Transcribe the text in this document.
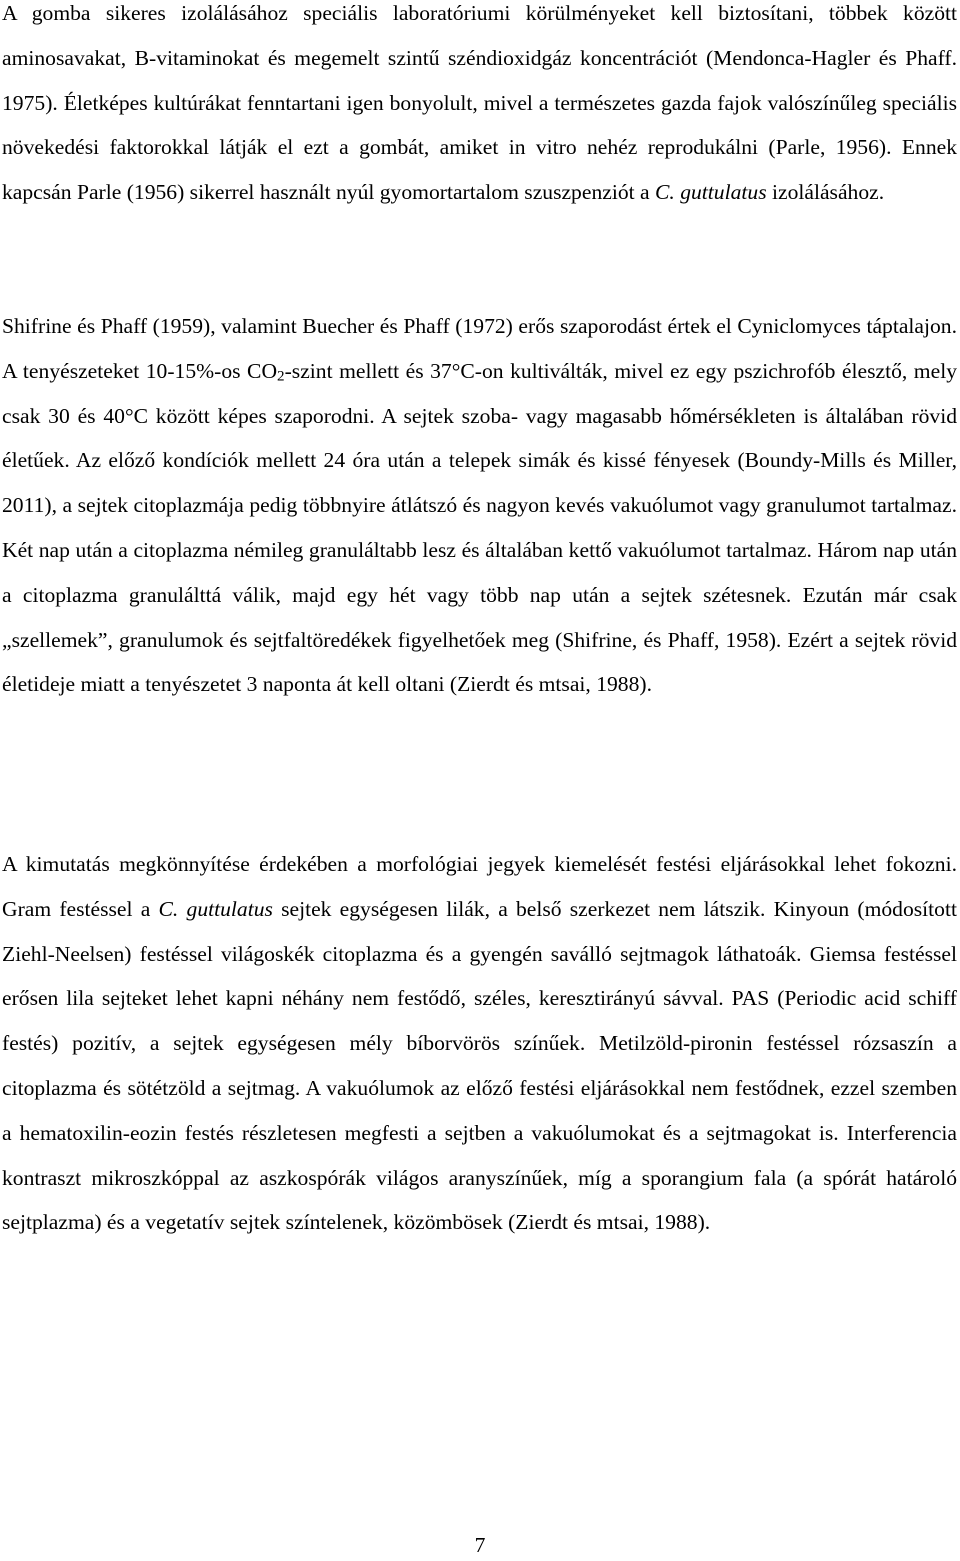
A gomba sikeres izolálásához speciális laboratóriumi körülményeket kell biztosítani, többek között aminosavakat, B-vitaminokat és megemelt szintű széndioxidgáz koncentrációt (Mendonca-Hagler és Phaff. 1975). Életképes kultúrákat fenntartani igen bonyolult, mivel a természetes gazda fajok valószínűleg speciális növekedési faktorokkal látják el ezt a gombát, amiket in vitro nehéz reprodukálni (Parle, 1956). Ennek kapcsán Parle (1956) sikerrel használt nyúl gyomortartalom szuszpenziót a C. guttulatus izolálásához.

Shifrine és Phaff (1959), valamint Buecher és Phaff (1972) erős szaporodást értek el Cyniclomyces táptalajon. A tenyészeteket 10-15%-os $CO_2$-szint mellett és 37°C-on kultiválták, mivel ez egy pszichrofób élesztő, mely csak 30 és 40°C között képes szaporodni. A sejtek szoba- vagy magasabb hőmérsékleten is általában rövid életűek. Az előző kondíciók mellett 24 óra után a telepek simák és kissé fényesek (Boundy-Mills és Miller, 2011), a sejtek citoplazmája pedig többnyire átlátszó és nagyon kevés vakuólumot vagy granulumot tartalmaz. Két nap után a citoplazma némileg granuláltabb lesz és általában kettő vakuólumot tartalmaz. Három nap után a citoplazma granulálttá válik, majd egy hét vagy több nap után a sejtek szétesnek. Ezután már csak „szellemek”, granulumok és sejtfaltöredékek figyelhetőek meg (Shifrine, és Phaff, 1958). Ezért a sejtek rövid életideje miatt a tenyészetet 3 naponta át kell oltani (Zierdt és mtsai, 1988).

A kimutatás megkönnyítése érdekében a morfológiai jegyek kiemelését festési eljárásokkal lehet fokozni. Gram festéssel a C. guttulatus sejtek egységesen lilák, a belső szerkezet nem látszik. Kinyoun (módosított Ziehl-Neelsen) festéssel világoskék citoplazma és a gyengén saválló sejtmagok láthatoák. Giemsa festéssel erősen lila sejteket lehet kapni néhány nem festődő, széles, keresztirányú sávval. PAS (Periodic acid schiff festés) pozitív, a sejtek egységesen mély bíborvörös színűek. Metilzöld-pironin festéssel rózsaszín a citoplazma és sötétzöld a sejtmag. A vakuólumok az előző festési eljárásokkal nem festődnek, ezzel szemben a hematoxilin-eozin festés részletesen megfesti a sejtben a vakuólumokat és a sejtmagokat is. Interferencia kontraszt mikroszkóppal az aszkospórák világos aranyszínűek, míg a sporangium fala (a spórát határoló sejtplazma) és a vegetatív sejtek színtelenek, közömbösek (Zierdt és mtsai, 1988).

7
